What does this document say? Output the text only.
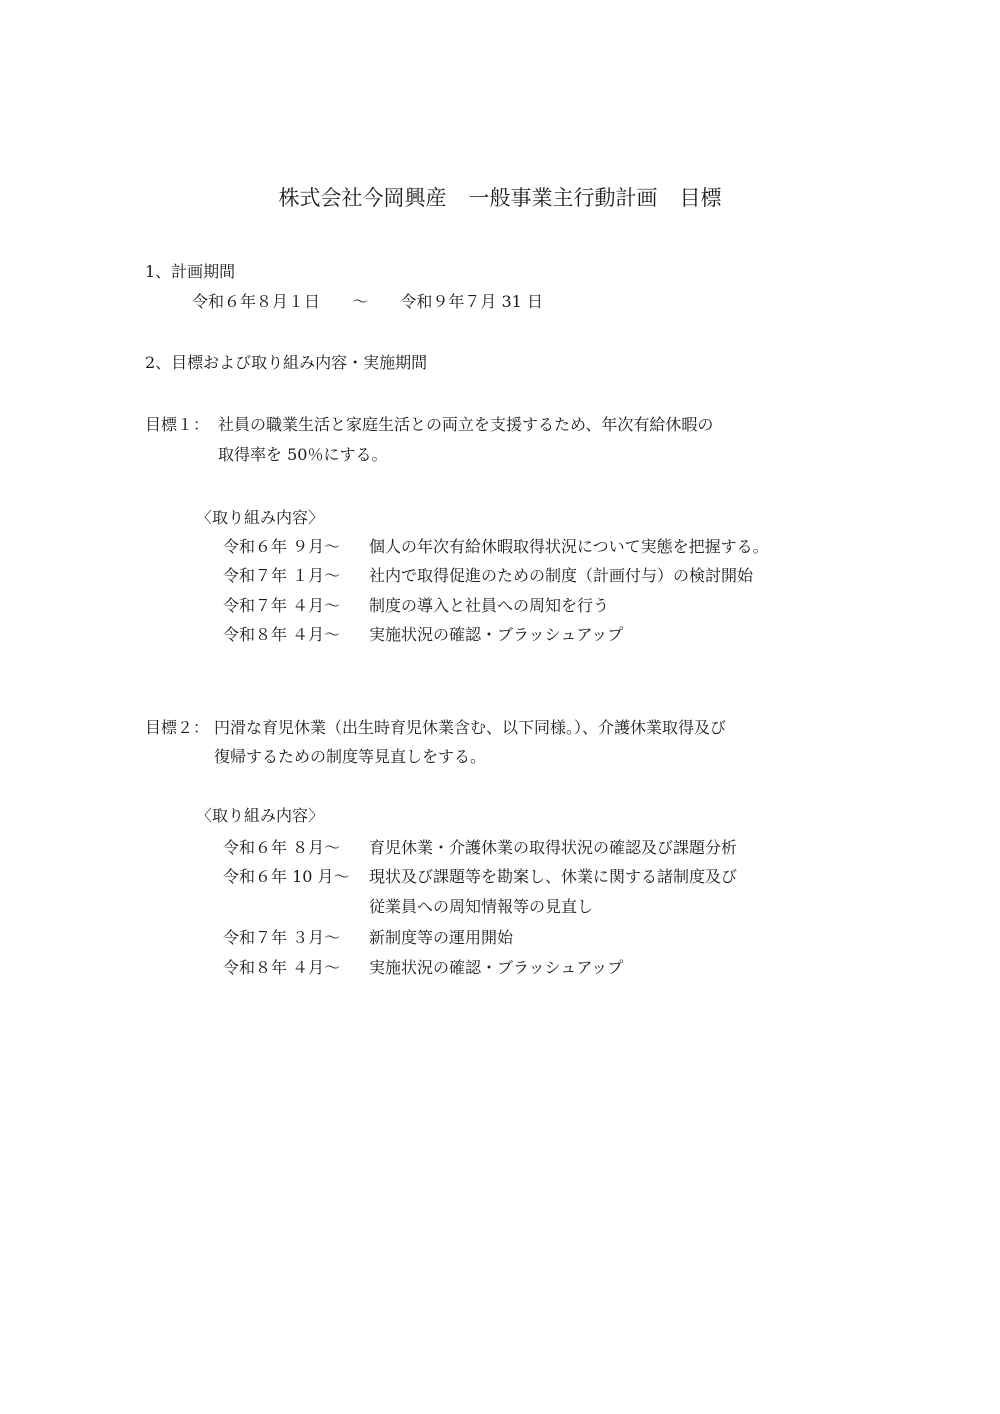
株式会社今岡興産 一般事業主行動計画 目標
1、計画期間
令和６年８月１日 ～ 令和９年７月 31 日
2、目標および取り組み内容・実施期間
目標１： 社員の職業生活と家庭生活との両立を支援するため、年次有給休暇の
取得率を 50％にする。
〈取り組み内容〉
令和６年 ９月～ 個人の年次有給休暇取得状況について実態を把握する。
令和７年 １月～ 社内で取得促進のための制度（計画付与）の検討開始
令和７年 ４月～ 制度の導入と社員への周知を行う
令和８年 ４月～ 実施状況の確認・ブラッシュアップ
目標２： 円滑な育児休業（出生時育児休業含む、以下同様。）、介護休業取得及び
復帰するための制度等見直しをする。
〈取り組み内容〉
令和６年 ８月～ 育児休業・介護休業の取得状況の確認及び課題分析
令和６年 10 月～ 現状及び課題等を勘案し、休業に関する諸制度及び
従業員への周知情報等の見直し
令和７年 ３月～ 新制度等の運用開始
令和８年 ４月～ 実施状況の確認・ブラッシュアップ
